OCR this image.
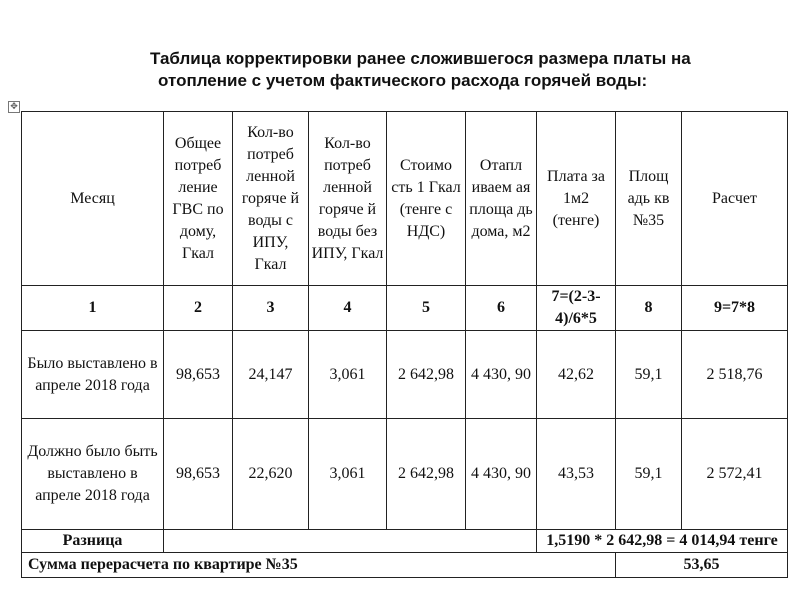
Таблица корректировки ранее сложившегося размера платы на
отопление с учетом фактического расхода горячей воды:
✥
Месяц	Общее потреб ление ГВС по дому, Гкал	Кол-во потреб ленной горяче й воды с ИПУ, Гкал	Кол-во потреб ленной горяче й воды без ИПУ, Гкал	Стоимо сть 1 Гкал (тенге с НДС)	Отапл иваем ая площа дь дома, м2	Плата за 1м2 (тенге)	Площ адь кв №35	Расчет
1	2	3	4	5	6	7=(2-3-4)/6*5	8	9=7*8
Было выставлено в апреле 2018 года	98,653	24,147	3,061	2 642,98	4 430, 90	42,62	59,1	2 518,76
Должно было быть выставлено в апреле 2018 года	98,653	22,620	3,061	2 642,98	4 430, 90	43,53	59,1	2 572,41
Разница						1,5190 * 2 642,98 = 4 014,94 тенге		
Сумма перерасчета по квартире №35							53,65	
